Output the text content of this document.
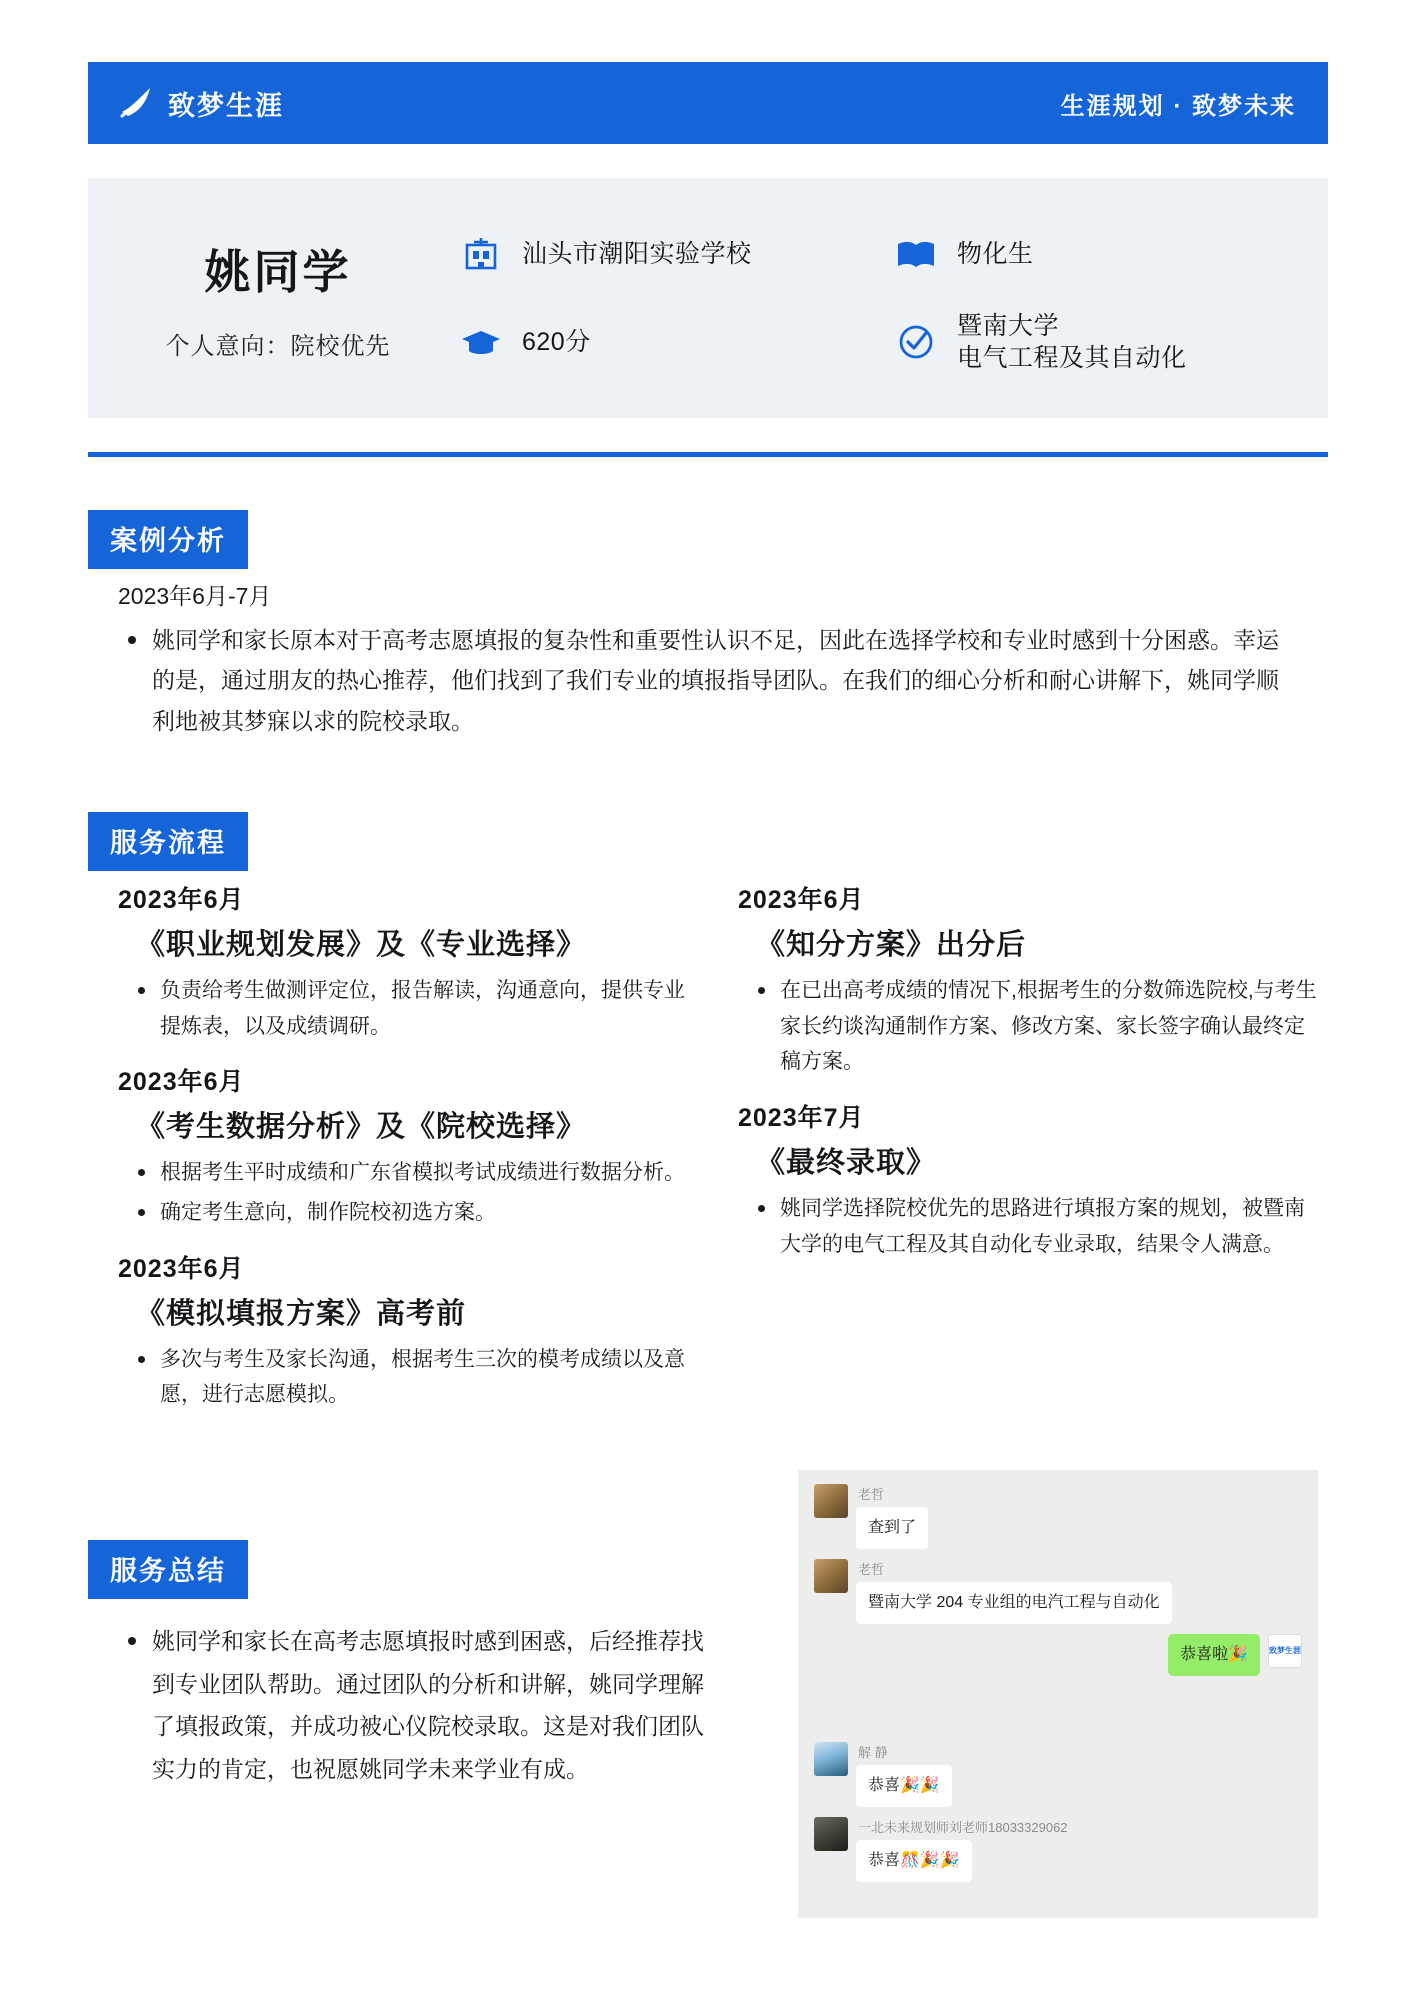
致梦生涯	生涯规划 · 致梦未来
姚同学
个人意向：院校优先
汕头市潮阳实验学校	物化生
620分
暨南大学
电气工程及其自动化
案例分析
2023年6月-7月
姚同学和家长原本对于高考志愿填报的复杂性和重要性认识不足，因此在选择学校和专业时感到十分困惑。幸运的是，通过朋友的热心推荐，他们找到了我们专业的填报指导团队。在我们的细心分析和耐心讲解下，姚同学顺利地被其梦寐以求的院校录取。
服务流程
2023年6月
《职业规划发展》及《专业选择》
负责给考生做测评定位，报告解读，沟通意向，提供专业提炼表，以及成绩调研。
2023年6月
《考生数据分析》及《院校选择》
根据考生平时成绩和广东省模拟考试成绩进行数据分析。
确定考生意向，制作院校初选方案。
2023年6月
《模拟填报方案》高考前
多次与考生及家长沟通，根据考生三次的模考成绩以及意愿，进行志愿模拟。
2023年6月
《知分方案》出分后
在已出高考成绩的情况下,根据考生的分数筛选院校,与考生家长约谈沟通制作方案、修改方案、家长签字确认最终定稿方案。
2023年7月
《最终录取》
姚同学选择院校优先的思路进行填报方案的规划，被暨南大学的电气工程及其自动化专业录取，结果令人满意。
服务总结
姚同学和家长在高考志愿填报时感到困惑，后经推荐找到专业团队帮助。通过团队的分析和讲解，姚同学理解了填报政策，并成功被心仪院校录取。这是对我们团队实力的肯定，也祝愿姚同学未来学业有成。
老哲
查到了
老哲
暨南大学 204 专业组的电汽工程与自动化
恭喜啦🎉	致梦生涯
解 静
恭喜🎉🎉
一北未来规划师刘老师18033329062
恭喜🎊🎉🎉
